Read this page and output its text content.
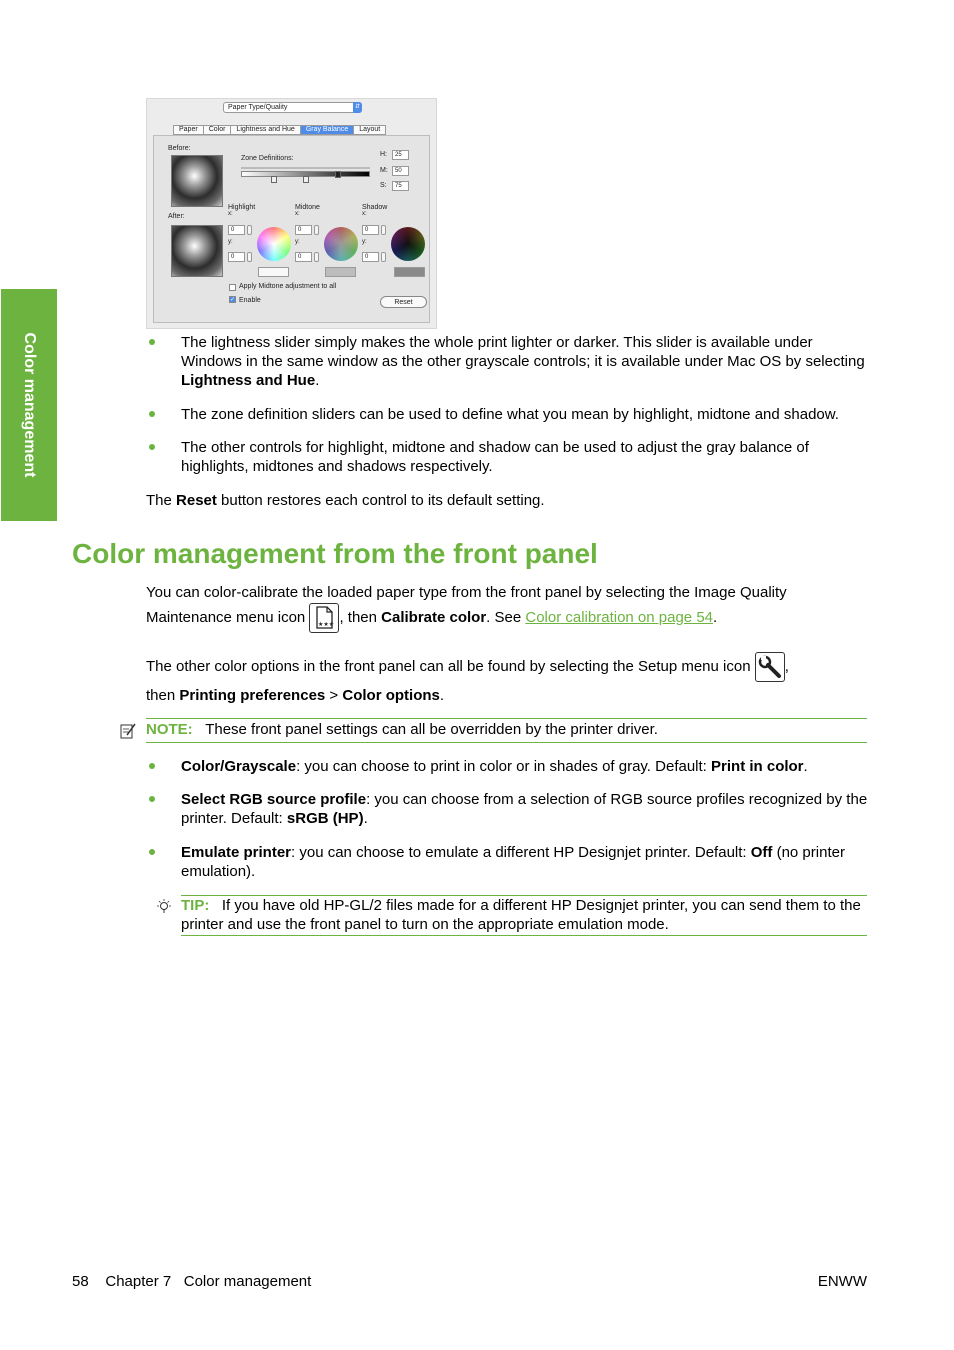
Color management
Paper Type/Quality	⇵
Paper	Color	Lightness and Hue	Gray Balance	Layout
Before:
After:
Zone Definitions:
H:	25
M:	50
S:	75
Highlight
x:
0
y:
0
Midtone
x:
0
y:
0
Shadow
x:
0
y:
0
Apply Midtone adjustment to all
✓ Enable	Reset
The lightness slider simply makes the whole print lighter or darker. This slider is available under Windows in the same window as the other grayscale controls; it is available under Mac OS by selecting Lightness and Hue.
The zone definition sliders can be used to define what you mean by highlight, midtone and shadow.
The other controls for highlight, midtone and shadow can be used to adjust the gray balance of highlights, midtones and shadows respectively.
The Reset button restores each control to its default setting.
Color management from the front panel
You can color-calibrate the loaded paper type from the front panel by selecting the Image Quality
Maintenance menu icon ★★★ , then Calibrate color. See Color calibration on page 54.
The other color options in the front panel can all be found by selecting the Setup menu icon ,
then Printing preferences > Color options.
NOTE: These front panel settings can all be overridden by the printer driver.
Color/Grayscale: you can choose to print in color or in shades of gray. Default: Print in color.
Select RGB source profile: you can choose from a selection of RGB source profiles recognized by the printer. Default: sRGB (HP).
Emulate printer: you can choose to emulate a different HP Designjet printer. Default: Off (no printer emulation).
TIP: If you have old HP-GL/2 files made for a different HP Designjet printer, you can send them to the printer and use the front panel to turn on the appropriate emulation mode.
58 Chapter 7 Color management	ENWW
